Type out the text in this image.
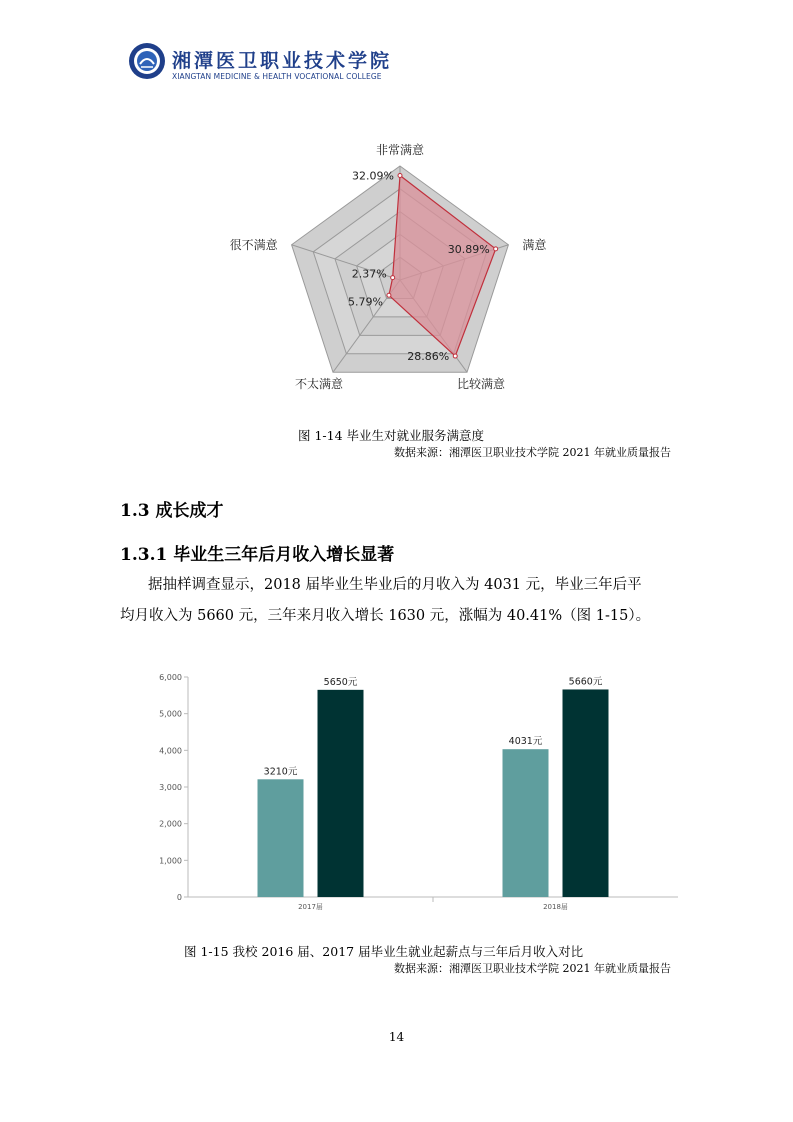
湘潭医卫职业技术学院
XIANGTAN MEDICINE & HEALTH VOCATIONAL COLLEGE
非常满意
满意
比较满意
不太满意
很不满意
32.09%
30.89%
28.86%
5.79%
2.37%
图 1-14 毕业生对就业服务满意度
数据来源：湘潭医卫职业技术学院 2021 年就业质量报告
1.3 成长成才
1.3.1 毕业生三年后月收入增长显著
据抽样调查显示，2018 届毕业生毕业后的月收入为 4031 元，毕业三年后平
均月收入为 5660 元，三年来月收入增长 1630 元，涨幅为 40.41%（图 1-15）。
0
1,000
2,000
3,000
4,000
5,000
6,000
3210元
5650元
4031元
5660元
2017届	2018届
图 1-15 我校 2016 届、2017 届毕业生就业起薪点与三年后月收入对比
数据来源：湘潭医卫职业技术学院 2021 年就业质量报告
14
